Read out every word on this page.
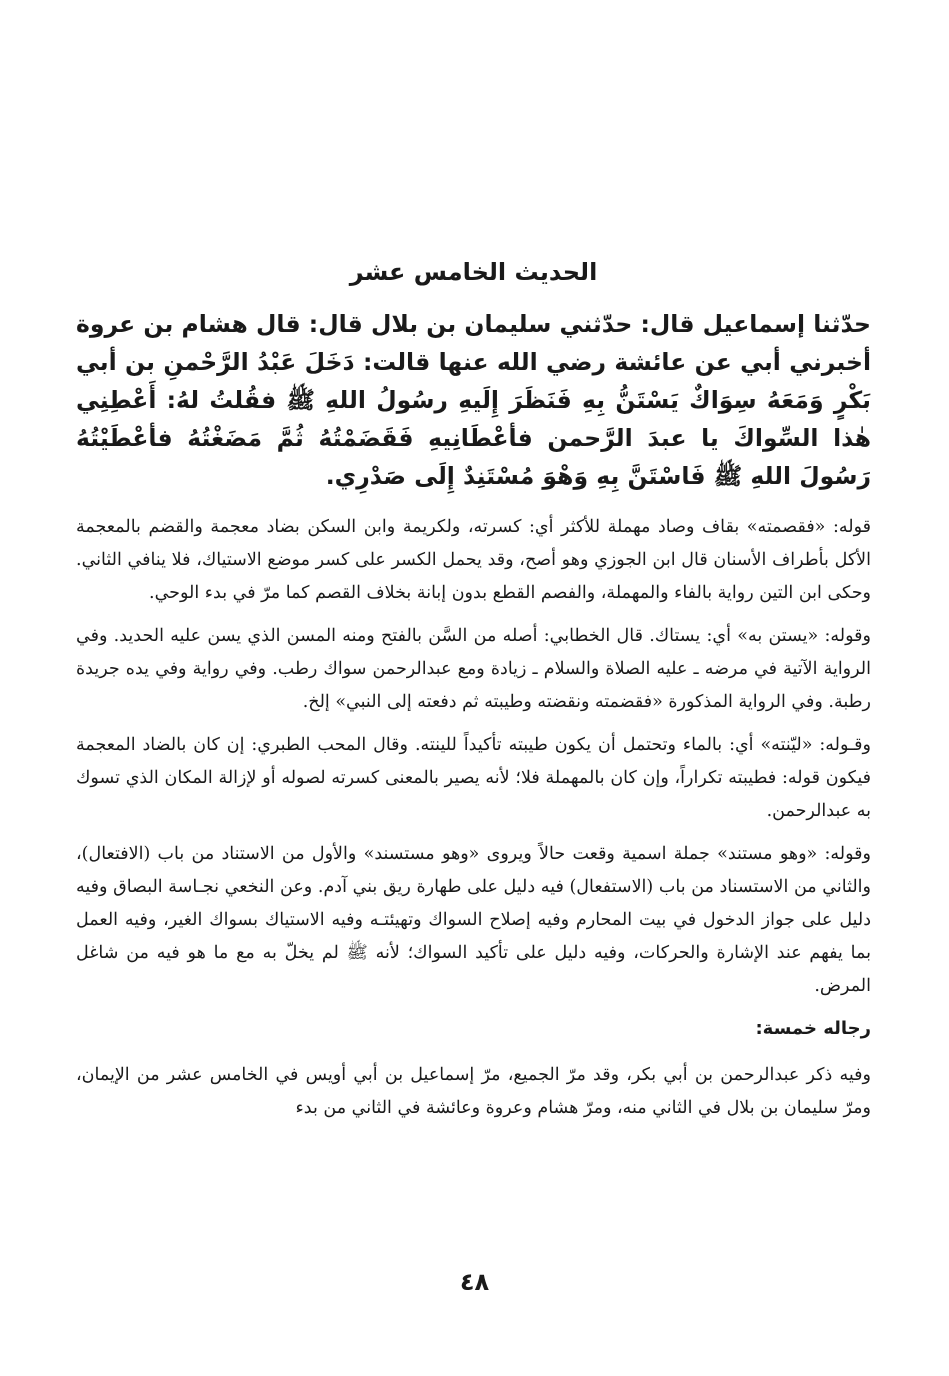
الحديث الخامس عشر

حدّثنا إسماعيل قال: حدّثني سليمان بن بلال قال: قال هشام بن عروة أخبرني أبي عن عائشة رضي الله عنها قالت: دَخَلَ عَبْدُ الرَّحْمنِ بن أبي بَكْرٍ وَمَعَهُ سِوَاكٌ يَسْتَنُّ بِهِ فَنَظَرَ إِلَيهِ رسُولُ اللهِ ﷺ فقُلتُ لهُ: أَعْطِنِي هٰذا السِّواكَ يا عبدَ الرَّحمن فأعْطَانِيهِ فَقَضَمْتُهُ ثُمَّ مَضَغْتُهُ فأعْطَيْتُهُ رَسُولَ اللهِ ﷺ فَاسْتَنَّ بِهِ وَهْوَ مُسْتَنِدٌ إِلَى صَدْرِي.

قوله: «فقصمته» بقاف وصاد مهملة للأكثر أي: كسرته، ولكريمة وابن السكن بضاد معجمة والقضم بالمعجمة الأكل بأطراف الأسنان قال ابن الجوزي وهو أصح، وقد يحمل الكسر على كسر موضع الاستياك، فلا ينافي الثاني. وحكى ابن التين رواية بالفاء والمهملة، والفصم القطع بدون إبانة بخلاف القصم كما مرّ في بدء الوحي.

وقوله: «يستن به» أي: يستاك. قال الخطابي: أصله من السَّن بالفتح ومنه المسن الذي يسن عليه الحديد. وفي الرواية الآتية في مرضه ـ عليه الصلاة والسلام ـ زيادة ومع عبدالرحمن سواك رطب. وفي رواية وفي يده جريدة رطبة. وفي الرواية المذكورة «فقضمته ونقضته وطيبته ثم دفعته إلى النبي» إلخ.

وقـوله: «ليّنته» أي: بالماء وتحتمل أن يكون طيبته تأكيداً للينته. وقال المحب الطبري: إن كان بالضاد المعجمة فيكون قوله: فطيبته تكراراً، وإن كان بالمهملة فلا؛ لأنه يصير بالمعنى كسرته لصوله أو لإزالة المكان الذي تسوك به عبدالرحمن.

وقوله: «وهو مستند» جملة اسمية وقعت حالاً ويروى «وهو مستسند» والأول من الاستناد من باب (الافتعال)، والثاني من الاستسناد من باب (الاستفعال) فيه دليل على طهارة ريق بني آدم. وعن النخعي نجـاسة البصاق وفيه دليل على جواز الدخول في بيت المحارم وفيه إصلاح السواك وتهيئتـه وفيه الاستياك بسواك الغير، وفيه العمل بما يفهم عند الإشارة والحركات، وفيه دليل على تأكيد السواك؛ لأنه ﷺ لم يخلّ به مع ما هو فيه من شاغل المرض.

رجاله خمسة:

وفيه ذكر عبدالرحمن بن أبي بكر، وقد مرّ الجميع، مرّ إسماعيل بن أبي أويس في الخامس عشر من الإيمان، ومرّ سليمان بن بلال في الثاني منه، ومرّ هشام وعروة وعائشة في الثاني من بدء

٤٨
